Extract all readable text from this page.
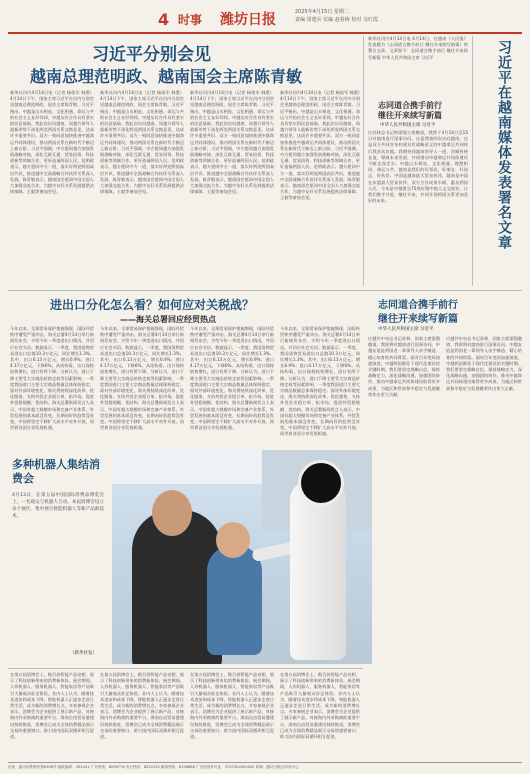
4 时事 潍坊日报	2025年4月15日 星期二
责编 周建兵 实编 赵春梅 校对 吴红霞
习近平分别会见
越南总理范明政、越南国会主席陈青敏
新华社河内4月14日电（记者 杨依军 韩墨）4月14日下午，国家主席习近平在河内分别会见越南总理范明政、国会主席陈青敏。习近平指出，中越是山水相连、文化相通、命运与共的社会主义友好邻邦，中越友好合作具有坚实的民意基础。我此次访问越南，同越方领导人就新形势下深化两党两国关系交换意见，达成许多重要共识。双方一致同意加快推进中越命运共同体建设，推动两国关系在新时代不断迈上新台阶。习近平强调，中方愿同越方加强发展战略对接，深化互联互通、贸易投资、科技创新等领域合作，更好造福两国人民。范明政表示，越方愿同中方一道，落实好两党两国高层共识，推进越中全面战略合作伙伴关系深入发展。陈青敏表示，越南国会愿同中国全国人大加强交流合作，为越中友好关系发展提供法律保障。王毅等参加会见。
新华社河内4月14日电（记者 杨依军 韩墨）4月14日下午，国家主席习近平在河内分别会见越南总理范明政、国会主席陈青敏。习近平指出，中越是山水相连、文化相通、命运与共的社会主义友好邻邦，中越友好合作具有坚实的民意基础。我此次访问越南，同越方领导人就新形势下深化两党两国关系交换意见，达成许多重要共识。双方一致同意加快推进中越命运共同体建设，推动两国关系在新时代不断迈上新台阶。习近平强调，中方愿同越方加强发展战略对接，深化互联互通、贸易投资、科技创新等领域合作，更好造福两国人民。范明政表示，越方愿同中方一道，落实好两党两国高层共识，推进越中全面战略合作伙伴关系深入发展。陈青敏表示，越南国会愿同中国全国人大加强交流合作，为越中友好关系发展提供法律保障。王毅等参加会见。
新华社河内4月14日电（记者 杨依军 韩墨）4月14日下午，国家主席习近平在河内分别会见越南总理范明政、国会主席陈青敏。习近平指出，中越是山水相连、文化相通、命运与共的社会主义友好邻邦，中越友好合作具有坚实的民意基础。我此次访问越南，同越方领导人就新形势下深化两党两国关系交换意见，达成许多重要共识。双方一致同意加快推进中越命运共同体建设，推动两国关系在新时代不断迈上新台阶。习近平强调，中方愿同越方加强发展战略对接，深化互联互通、贸易投资、科技创新等领域合作，更好造福两国人民。范明政表示，越方愿同中方一道，落实好两党两国高层共识，推进越中全面战略合作伙伴关系深入发展。陈青敏表示，越南国会愿同中国全国人大加强交流合作，为越中友好关系发展提供法律保障。王毅等参加会见。
新华社河内4月14日电（记者 杨依军 韩墨）4月14日下午，国家主席习近平在河内分别会见越南总理范明政、国会主席陈青敏。习近平指出，中越是山水相连、文化相通、命运与共的社会主义友好邻邦，中越友好合作具有坚实的民意基础。我此次访问越南，同越方领导人就新形势下深化两党两国关系交换意见，达成许多重要共识。双方一致同意加快推进中越命运共同体建设，推动两国关系在新时代不断迈上新台阶。习近平强调，中方愿同越方加强发展战略对接，深化互联互通、贸易投资、科技创新等领域合作，更好造福两国人民。范明政表示，越方愿同中方一道，落实好两党两国高层共识，推进越中全面战略合作伙伴关系深入发展。陈青敏表示，越南国会愿同中国全国人大加强交流合作，为越中友好关系发展提供法律保障。王毅等参加会见。
新华社河内4月14日电 4月14日，在越南《人民报》发表题为《志同道合携手前行 继往开来续写新篇》的署名文章。文章如下：志同道合携手前行 继往开来续写新篇 中华人民共和国主席 习近平
志同道合携手前行
继往开来续写新篇
中华人民共和国主席 习近平
应苏林总书记和梁强主席邀请，我将于4月14日至15日对越南进行国事访问。这是我第四次访问越南，也是双方共同宣布构建具有战略意义的中越命运共同体后我首次访越。我期待同越南领导人一道，回顾传统友谊，擘画未来发展，共同推动中越命运共同体建设不断走深走实。中越山水相连、文化相通、理想相同、命运与共。越南是我们的好邻居、好朋友、好同志、好伙伴。中国是越南最大贸易伙伴，越南是中国在东盟最大贸易伙伴，双方合作成果丰硕，惠及两国人民。今年是中越建交75周年暨中越人文交流年，让我们携手并进，继往开来，共同开创两国关系更加美好的未来。	习近平在越南媒体发表署名文章
志同道合携手前行
继往开来续写新篇
中华人民共和国主席 习近平
应越共中央总书记苏林、国家主席梁强邀请，我即将对越南进行国事访问。中越友谊是两国老一辈领导人亲手缔造、精心培育的共同财富。面对百年变局加速演进，中越两国都处于现代化建设的关键时期。我们要坚定战略自信，保持战略定力，深化战略沟通，加强团结协作，推动中越命运共同体建设取得更多成果，为地区和世界和平稳定与发展繁荣作出更大贡献。
应越共中央总书记苏林、国家主席梁强邀请，我即将对越南进行国事访问。中越友谊是两国老一辈领导人亲手缔造、精心培育的共同财富。面对百年变局加速演进，中越两国都处于现代化建设的关键时期。我们要坚定战略自信，保持战略定力，深化战略沟通，加强团结协作，推动中越命运共同体建设取得更多成果，为地区和世界和平稳定与发展繁荣作出更大贡献。
进出口分化怎么看？如何应对关税战？
——海关总署回应经贸热点
今年以来，全球贸易保护措施频现，国际经贸秩序遭受严重冲击。海关总署4月14日举行新闻发布会，介绍今年一季度进出口情况，并回应社会关切。数据显示，一季度，我国货物贸易进出口总值10.3万亿元，同比增长1.3%。其中，出口6.13万亿元，增长6.9%；进口4.17万亿元，下降6%。从结构看，出口保持较快增长，进口有所下降。分析认为，进口下降主要受大宗商品价格走低等因素影响，一季度我国进口主要大宗商品数量总体保持稳定。面对外部环境变化，海关将持续深化改革、优化服务，支持外贸企业稳订单、拓市场，促进外贸稳规模、优结构。海关总署新闻发言人表示，中国有超大规模市场和完备产业体系，外贸发展的基本面没有变，长期向好的趋势没有变。中国将坚定不移扩大高水平对外开放，同世界各国分享发展机遇。
今年以来，全球贸易保护措施频现，国际经贸秩序遭受严重冲击。海关总署4月14日举行新闻发布会，介绍今年一季度进出口情况，并回应社会关切。数据显示，一季度，我国货物贸易进出口总值10.3万亿元，同比增长1.3%。其中，出口6.13万亿元，增长6.9%；进口4.17万亿元，下降6%。从结构看，出口保持较快增长，进口有所下降。分析认为，进口下降主要受大宗商品价格走低等因素影响，一季度我国进口主要大宗商品数量总体保持稳定。面对外部环境变化，海关将持续深化改革、优化服务，支持外贸企业稳订单、拓市场，促进外贸稳规模、优结构。海关总署新闻发言人表示，中国有超大规模市场和完备产业体系，外贸发展的基本面没有变，长期向好的趋势没有变。中国将坚定不移扩大高水平对外开放，同世界各国分享发展机遇。
今年以来，全球贸易保护措施频现，国际经贸秩序遭受严重冲击。海关总署4月14日举行新闻发布会，介绍今年一季度进出口情况，并回应社会关切。数据显示，一季度，我国货物贸易进出口总值10.3万亿元，同比增长1.3%。其中，出口6.13万亿元，增长6.9%；进口4.17万亿元，下降6%。从结构看，出口保持较快增长，进口有所下降。分析认为，进口下降主要受大宗商品价格走低等因素影响，一季度我国进口主要大宗商品数量总体保持稳定。面对外部环境变化，海关将持续深化改革、优化服务，支持外贸企业稳订单、拓市场，促进外贸稳规模、优结构。海关总署新闻发言人表示，中国有超大规模市场和完备产业体系，外贸发展的基本面没有变，长期向好的趋势没有变。中国将坚定不移扩大高水平对外开放，同世界各国分享发展机遇。
今年以来，全球贸易保护措施频现，国际经贸秩序遭受严重冲击。海关总署4月14日举行新闻发布会，介绍今年一季度进出口情况，并回应社会关切。数据显示，一季度，我国货物贸易进出口总值10.3万亿元，同比增长1.3%。其中，出口6.13万亿元，增长6.9%；进口4.17万亿元，下降6%。从结构看，出口保持较快增长，进口有所下降。分析认为，进口下降主要受大宗商品价格走低等因素影响，一季度我国进口主要大宗商品数量总体保持稳定。面对外部环境变化，海关将持续深化改革、优化服务，支持外贸企业稳订单、拓市场，促进外贸稳规模、优结构。海关总署新闻发言人表示，中国有超大规模市场和完备产业体系，外贸发展的基本面没有变，长期向好的趋势没有变。中国将坚定不移扩大高水平对外开放，同世界各国分享发展机遇。
多种机器人集结消费会
4月13日，在第五届中国国际消费品博览会上，一名观众与机器人互动。本届消博会设立多个展区，集中展示智能机器人等新产品新技术。
（新华社发）
在第五届消博会上，数百款智能产品亮相，展示了科技创新带来的消费新体验。展会期间，人形机器人、服务机器人、智能家居等产品吸引大量观众驻足体验。业内人士认为，随着技术进步和成本下降，智能机器人正逐步走进日常生活，成为新的消费增长点。多家参展企业表示，消博会为企业提供了展示新产品、对接海内外采购商的重要平台。海南自由贸易港建设持续推进，消博会已成为全球消费精品展示交易的重要窗口，助力国内国际双循环相互促进。
在第五届消博会上，数百款智能产品亮相，展示了科技创新带来的消费新体验。展会期间，人形机器人、服务机器人、智能家居等产品吸引大量观众驻足体验。业内人士认为，随着技术进步和成本下降，智能机器人正逐步走进日常生活，成为新的消费增长点。多家参展企业表示，消博会为企业提供了展示新产品、对接海内外采购商的重要平台。海南自由贸易港建设持续推进，消博会已成为全球消费精品展示交易的重要窗口，助力国内国际双循环相互促进。
在第五届消博会上，数百款智能产品亮相，展示了科技创新带来的消费新体验。展会期间，人形机器人、服务机器人、智能家居等产品吸引大量观众驻足体验。业内人士认为，随着技术进步和成本下降，智能机器人正逐步走进日常生活，成为新的消费增长点。多家参展企业表示，消博会为企业提供了展示新产品、对接海内外采购商的重要平台。海南自由贸易港建设持续推进，消博会已成为全球消费精品展示交易的重要窗口，助力国内国际双循环相互促进。
在第五届消博会上，数百款智能产品亮相，展示了科技创新带来的消费新体验。展会期间，人形机器人、服务机器人、智能家居等产品吸引大量观众驻足体验。业内人士认为，随着技术进步和成本下降，智能机器人正逐步走进日常生活，成为新的消费增长点。多家参展企业表示，消博会为企业提供了展示新产品、对接海内外采购商的重要平台。海南自由贸易港建设持续推进，消博会已成为全球消费精品展示交易的重要窗口，助力国内国际双循环相互促进。
社址：潍坊市胜利东街6396号 邮政编码：261041 广告热线：8096776 发行热线：8222222 新闻热线：8196666 广告经营许可证：3707004000002 印刷：潍坊日报社印务中心
